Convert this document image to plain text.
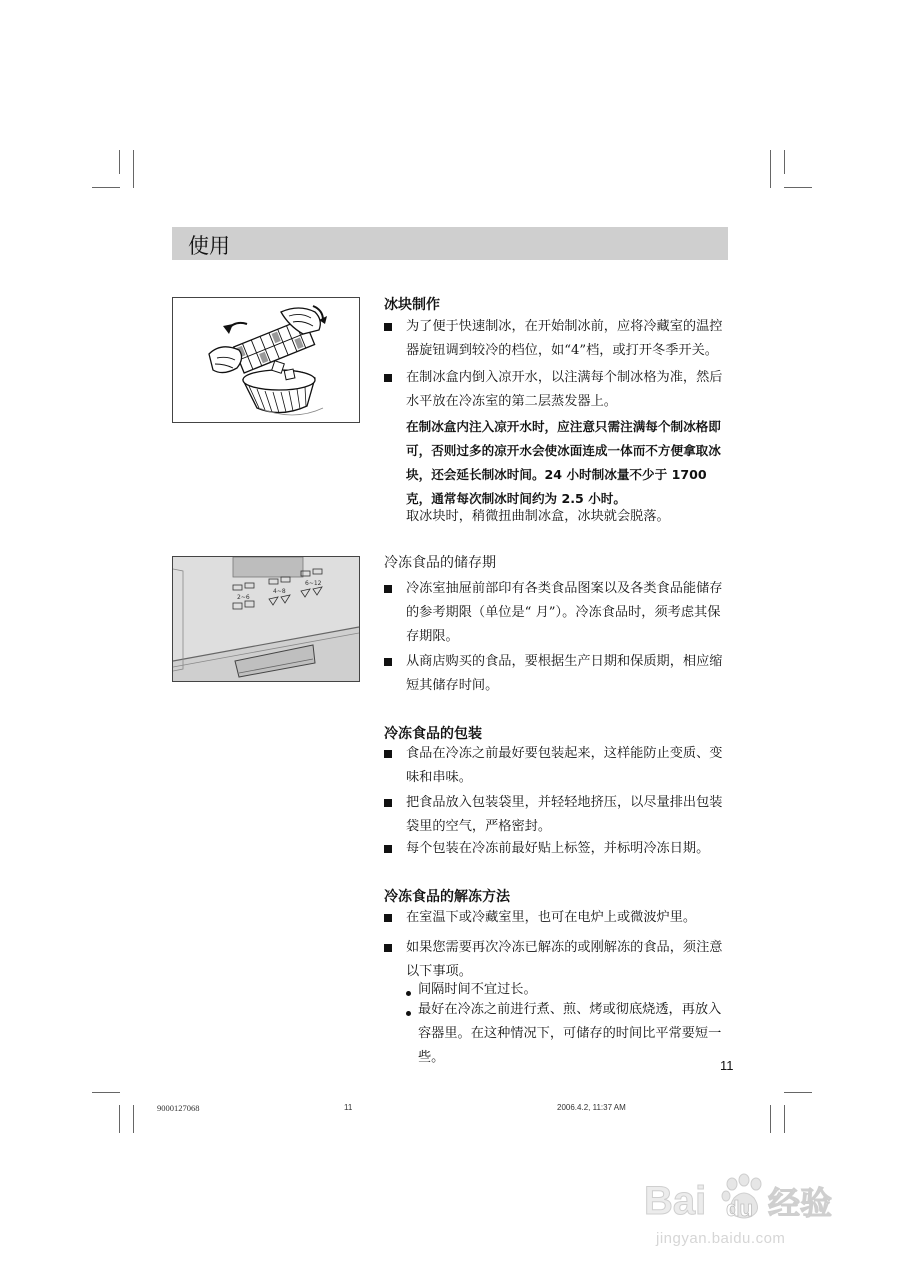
使用
冰块制作
为了便于快速制冰，在开始制冰前，应将冷藏室的温控器旋钮调到较冷的档位，如“4”档，或打开冬季开关。
在制冰盒内倒入凉开水，以注满每个制冰格为准，然后水平放在冷冻室的第二层蒸发器上。
在制冰盒内注入凉开水时，应注意只需注满每个制冰格即可，否则过多的凉开水会使冰面连成一体而不方便拿取冰块，还会延长制冰时间。24 小时制冰量不少于 1700 克，通常每次制冰时间约为 2.5 小时。
取冰块时，稍微扭曲制冰盒，冰块就会脱落。
2~6
4~8
6~12
冷冻食品的储存期
冷冻室抽屉前部印有各类食品图案以及各类食品能储存的参考期限（单位是“ 月”）。冷冻食品时，须考虑其保存期限。
从商店购买的食品，要根据生产日期和保质期，相应缩短其储存时间。
冷冻食品的包装
食品在冷冻之前最好要包装起来，这样能防止变质、变味和串味。
把食品放入包装袋里，并轻轻地挤压，以尽量排出包装袋里的空气，严格密封。
每个包装在冷冻前最好贴上标签，并标明冷冻日期。
冷冻食品的解冻方法
在室温下或冷藏室里，也可在电炉上或微波炉里。
如果您需要再次冷冻已解冻的或刚解冻的食品，须注意以下事项。
间隔时间不宜过长。
最好在冷冻之前进行煮、煎、烤或彻底烧透，再放入容器里。在这种情况下，可储存的时间比平常要短一些。
11
9000127068	11	2006.4.2, 11:37 AM
Bai du 经验
jingyan.baidu.com
